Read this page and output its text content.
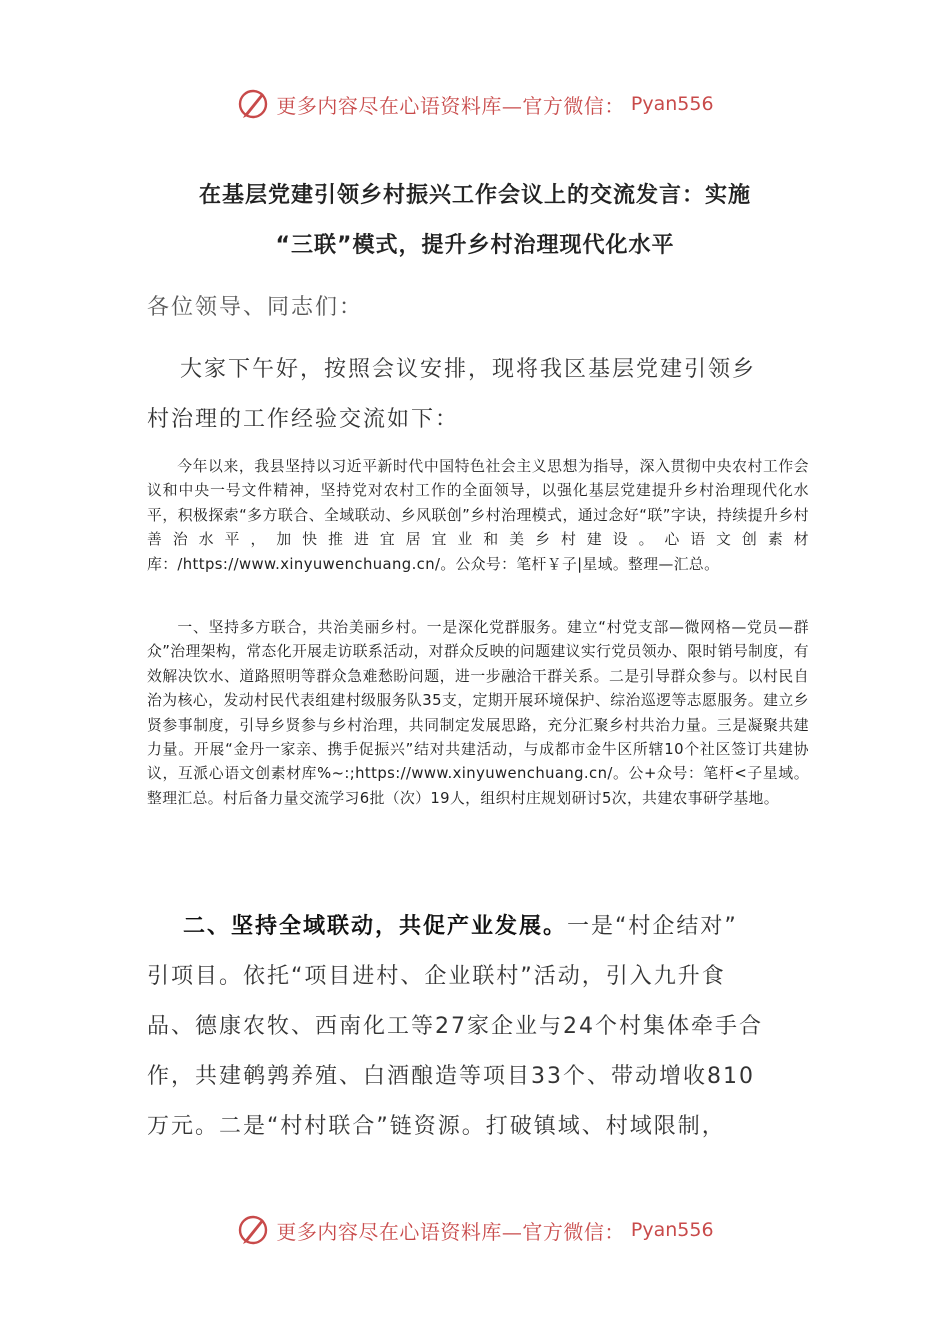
更多内容尽在心语资料库—官方微信： Pyan556
在基层党建引领乡村振兴工作会议上的交流发言：实施
“三联”模式，提升乡村治理现代化水平
各位领导、同志们：
大家下午好，按照会议安排，现将我区基层党建引领乡
村治理的工作经验交流如下：
今年以来，我县坚持以习近平新时代中国特色社会主义思想为指导，深入贯彻中央农村工作会议和中央一号文件精神，坚持党对农村工作的全面领导，以强化基层党建提升乡村治理现代化水平，积极探索“多方联合、全域联动、乡风联创”乡村治理模式，通过念好“联”字诀，持续提升乡村善治水平，加快推进宜居宜业和美乡村建设。心语文创素材库：/https://www.xinyuwenchuang.cn/。公众号：笔杆￥子|星域。整理—汇总。
一、坚持多方联合，共治美丽乡村。一是深化党群服务。建立“村党支部—微网格—党员—群众”治理架构，常态化开展走访联系活动，对群众反映的问题建议实行党员领办、限时销号制度，有效解决饮水、道路照明等群众急难愁盼问题，进一步融洽干群关系。二是引导群众参与。以村民自治为核心，发动村民代表组建村级服务队35支，定期开展环境保护、综治巡逻等志愿服务。建立乡贤参事制度，引导乡贤参与乡村治理，共同制定发展思路，充分汇聚乡村共治力量。三是凝聚共建力量。开展“金丹一家亲、携手促振兴”结对共建活动，与成都市金牛区所辖10个社区签订共建协议，互派心语文创素材库%~:;https://www.xinyuwenchuang.cn/。公+众号：笔杆<子星域。整理汇总。村后备力量交流学习6批（次）19人，组织村庄规划研讨5次，共建农事研学基地。
二、坚持全域联动，共促产业发展。一是“村企结对”
引项目。依托“项目进村、企业联村”活动，引入九升食
品、德康农牧、西南化工等27家企业与24个村集体牵手合
作，共建鹌鹑养殖、白酒酿造等项目33个、带动增收810
万元。二是“村村联合”链资源。打破镇域、村域限制，
更多内容尽在心语资料库—官方微信： Pyan556
